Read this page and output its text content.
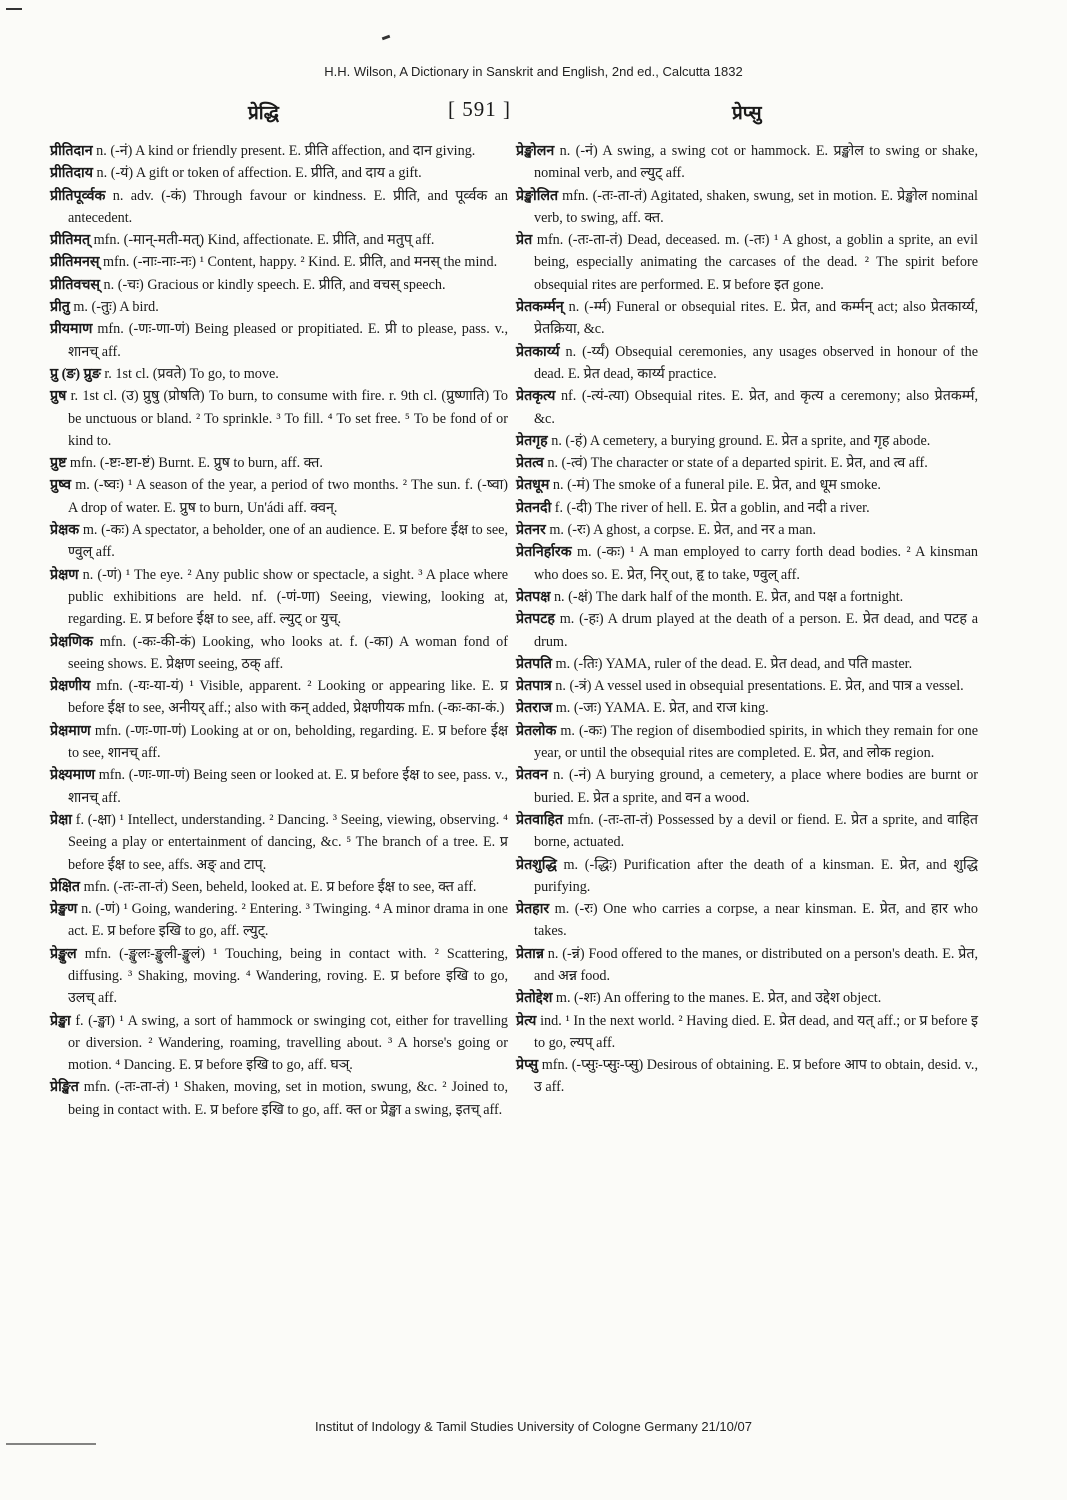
H.H. Wilson, A Dictionary in Sanskrit and English, 2nd ed., Calcutta 1832
प्रेद्धि	[ 591 ]	प्रेप्सु

प्रीतिदान n. (-नं) A kind or friendly present. E. प्रीति affection, and दान giving.

प्रीतिदाय n. (-यं) A gift or token of affection. E. प्रीति, and दाय a gift.

प्रीतिपूर्व्वक n. adv. (-कं) Through favour or kindness. E. प्रीति, and पूर्व्वक an antecedent.

प्रीतिमत् mfn. (-मान्-मती-मत्) Kind, affectionate. E. प्रीति, and मतुप् aff.

प्रीतिमनस् mfn. (-नाः-नाः-नः) ¹ Content, happy. ² Kind. E. प्रीति, and मनस् the mind.

प्रीतिवचस् n. (-चः) Gracious or kindly speech. E. प्रीति, and वचस् speech.

प्रीतु m. (-तुः) A bird.

प्रीयमाण mfn. (-णः-णा-णं) Being pleased or propitiated. E. प्री to please, pass. v., शानच् aff.

प्रु (ङ) प्रुङ r. 1st cl. (प्रवते) To go, to move.

प्रुष r. 1st cl. (उ) प्रुषु (प्रोषति) To burn, to consume with fire. r. 9th cl. (प्रुष्णाति) To be unctuous or bland. ² To sprinkle. ³ To fill. ⁴ To set free. ⁵ To be fond of or kind to.

प्रुष्ट mfn. (-ष्टः-ष्टा-ष्टं) Burnt. E. प्रुष to burn, aff. क्त.

प्रुष्व m. (-ष्वः) ¹ A season of the year, a period of two months. ² The sun. f. (-ष्वा) A drop of water. E. प्रुष to burn, Un'ádi aff. क्वन्.

प्रेक्षक m. (-कः) A spectator, a beholder, one of an audience. E. प्र before ईक्ष to see, ण्वुल् aff.

प्रेक्षण n. (-णं) ¹ The eye. ² Any public show or spectacle, a sight. ³ A place where public exhibitions are held. nf. (-णं-णा) Seeing, viewing, looking at, regarding. E. प्र before ईक्ष to see, aff. ल्युट् or युच्.

प्रेक्षणिक mfn. (-कः-की-कं) Looking, who looks at. f. (-का) A woman fond of seeing shows. E. प्रेक्षण seeing, ठक् aff.

प्रेक्षणीय mfn. (-यः-या-यं) ¹ Visible, apparent. ² Looking or appearing like. E. प्र before ईक्ष to see, अनीयर् aff.; also with कन् added, प्रेक्षणीयक mfn. (-कः-का-कं.)

प्रेक्षमाण mfn. (-णः-णा-णं) Looking at or on, beholding, regarding. E. प्र before ईक्ष to see, शानच् aff.

प्रेक्ष्यमाण mfn. (-णः-णा-णं) Being seen or looked at. E. प्र before ईक्ष to see, pass. v., शानच् aff.

प्रेक्षा f. (-क्षा) ¹ Intellect, understanding. ² Dancing. ³ Seeing, viewing, observing. ⁴ Seeing a play or entertainment of dancing, &c. ⁵ The branch of a tree. E. प्र before ईक्ष to see, affs. अङ् and टाप्.

प्रेक्षित mfn. (-तः-ता-तं) Seen, beheld, looked at. E. प्र before ईक्ष to see, क्त aff.

प्रेङ्खण n. (-णं) ¹ Going, wandering. ² Entering. ³ Twinging. ⁴ A minor drama in one act. E. प्र before इखि to go, aff. ल्युट्.

प्रेङ्खुल mfn. (-ङ्खुलः-ङ्खुली-ङ्खुलं) ¹ Touching, being in contact with. ² Scattering, diffusing. ³ Shaking, moving. ⁴ Wandering, roving. E. प्र before इखि to go, उलच् aff.

प्रेङ्खा f. (-ङ्खा) ¹ A swing, a sort of hammock or swinging cot, either for travelling or diversion. ² Wandering, roaming, travelling about. ³ A horse's going or motion. ⁴ Dancing. E. प्र before इखि to go, aff. घञ्.

प्रेङ्खित mfn. (-तः-ता-तं) ¹ Shaken, moving, set in motion, swung, &c. ² Joined to, being in contact with. E. प्र before इखि to go, aff. क्त or प्रेङ्खा a swing, इतच् aff.

प्रेङ्खोलन n. (-नं) A swing, a swing cot or hammock. E. प्रङ्खोल to swing or shake, nominal verb, and ल्युट् aff.

प्रेङ्खोलित mfn. (-तः-ता-तं) Agitated, shaken, swung, set in motion. E. प्रेङ्खोल nominal verb, to swing, aff. क्त.

प्रेत mfn. (-तः-ता-तं) Dead, deceased. m. (-तः) ¹ A ghost, a goblin a sprite, an evil being, especially animating the carcases of the dead. ² The spirit before obsequial rites are performed. E. प्र before इत gone.

प्रेतकर्म्मन् n. (-र्म्म) Funeral or obsequial rites. E. प्रेत, and कर्म्मन् act; also प्रेतकार्य्य, प्रेतक्रिया, &c.

प्रेतकार्य्य n. (-र्य्यं) Obsequial ceremonies, any usages observed in honour of the dead. E. प्रेत dead, कार्य्य practice.

प्रेतकृत्य nf. (-त्यं-त्या) Obsequial rites. E. प्रेत, and कृत्य a ceremony; also प्रेतकर्म्म, &c.

प्रेतगृह n. (-हं) A cemetery, a burying ground. E. प्रेत a sprite, and गृह abode.

प्रेतत्व n. (-त्वं) The character or state of a departed spirit. E. प्रेत, and त्व aff.

प्रेतधूम n. (-मं) The smoke of a funeral pile. E. प्रेत, and धूम smoke.

प्रेतनदी f. (-दी) The river of hell. E. प्रेत a goblin, and नदी a river.

प्रेतनर m. (-रः) A ghost, a corpse. E. प्रेत, and नर a man.

प्रेतनिर्हारक m. (-कः) ¹ A man employed to carry forth dead bodies. ² A kinsman who does so. E. प्रेत, निर् out, हृ to take, ण्वुल् aff.

प्रेतपक्ष n. (-क्षं) The dark half of the month. E. प्रेत, and पक्ष a fortnight.

प्रेतपटह m. (-हः) A drum played at the death of a person. E. प्रेत dead, and पटह a drum.

प्रेतपति m. (-तिः) YAMA, ruler of the dead. E. प्रेत dead, and पति master.

प्रेतपात्र n. (-त्रं) A vessel used in obsequial presentations. E. प्रेत, and पात्र a vessel.

प्रेतराज m. (-जः) YAMA. E. प्रेत, and राज king.

प्रेतलोक m. (-कः) The region of disembodied spirits, in which they remain for one year, or until the obsequial rites are completed. E. प्रेत, and लोक region.

प्रेतवन n. (-नं) A burying ground, a cemetery, a place where bodies are burnt or buried. E. प्रेत a sprite, and वन a wood.

प्रेतवाहित mfn. (-तः-ता-तं) Possessed by a devil or fiend. E. प्रेत a sprite, and वाहित borne, actuated.

प्रेतशुद्धि m. (-द्धिः) Purification after the death of a kinsman. E. प्रेत, and शुद्धि purifying.

प्रेतहार m. (-रः) One who carries a corpse, a near kinsman. E. प्रेत, and हार who takes.

प्रेतान्न n. (-न्नं) Food offered to the manes, or distributed on a person's death. E. प्रेत, and अन्न food.

प्रेतोद्देश m. (-शः) An offering to the manes. E. प्रेत, and उद्देश object.

प्रेत्य ind. ¹ In the next world. ² Having died. E. प्रेत dead, and यत् aff.; or प्र before इ to go, ल्यप् aff.

प्रेप्सु mfn. (-प्सुः-प्सुः-प्सु) Desirous of obtaining. E. प्र before आप to obtain, desid. v., उ aff.

Institut of Indology & Tamil Studies University of Cologne Germany 21/10/07
